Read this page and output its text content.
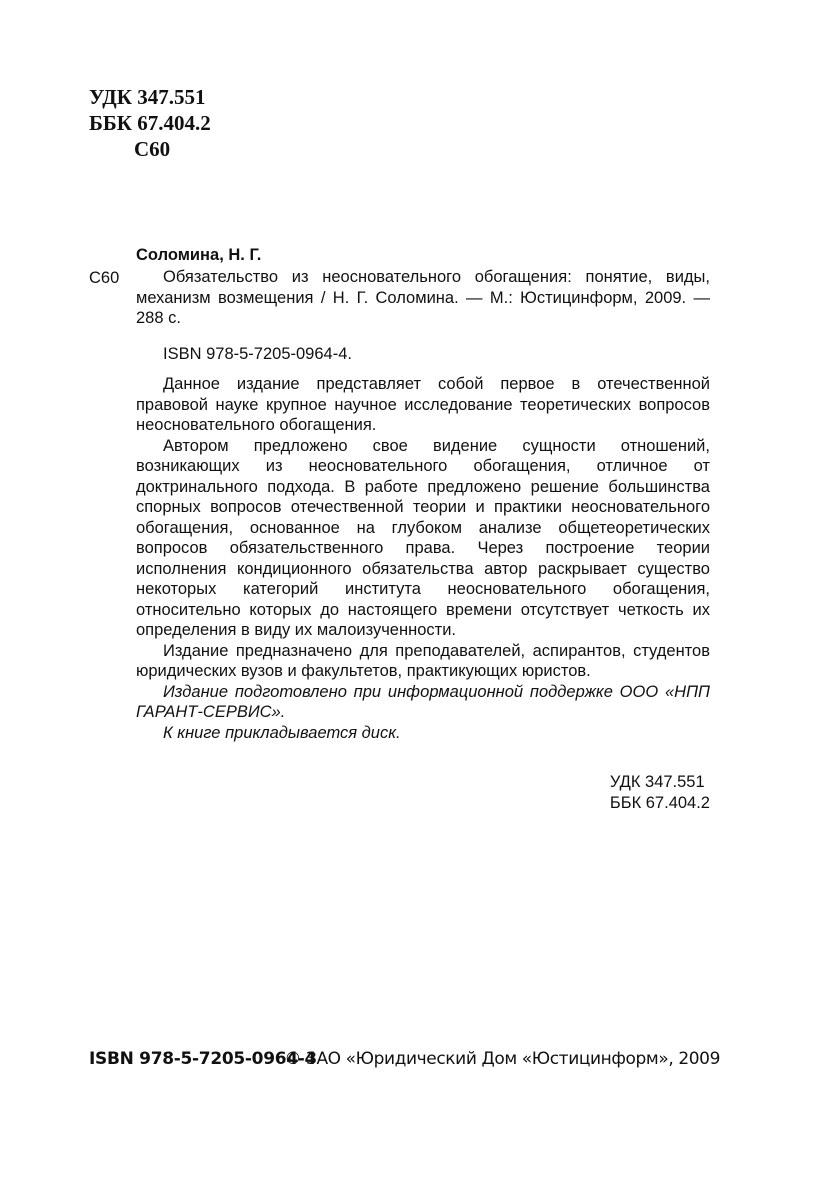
УДК 347.551
ББК 67.404.2
С60
Соломина, Н. Г.
С60	Обязательство из неосновательного обогащения: понятие, виды, механизм возмещения / Н. Г. Соломина. — М.: Юстицинформ, 2009. — 288 с.
ISBN 978-5-7205-0964-4.

Данное издание представляет собой первое в отечественной правовой науке крупное научное исследование теоретических вопросов неосновательного обогащения.

Автором предложено свое видение сущности отношений, возникающих из неосновательного обогащения, отличное от доктринального подхода. В работе предложено решение большинства спорных вопросов отечественной теории и практики неосновательного обогащения, основанное на глубоком анализе общетеоретических вопросов обязательственного права. Через построение теории исполнения кондиционного обязательства автор раскрывает существо некоторых категорий института неосновательного обогащения, относительно которых до настоящего времени отсутствует четкость их определения в виду их малоизученности.

Издание предназначено для преподавателей, аспирантов, студентов юридических вузов и факультетов, практикующих юристов.

Издание подготовлено при информационной поддержке ООО «НПП ГАРАНТ-СЕРВИС».

К книге прикладывается диск.

УДК 347.551
ББК 67.404.2
ISBN 978-5-7205-0964-4
© ЗАО «Юридический Дом «Юстицинформ», 2009
